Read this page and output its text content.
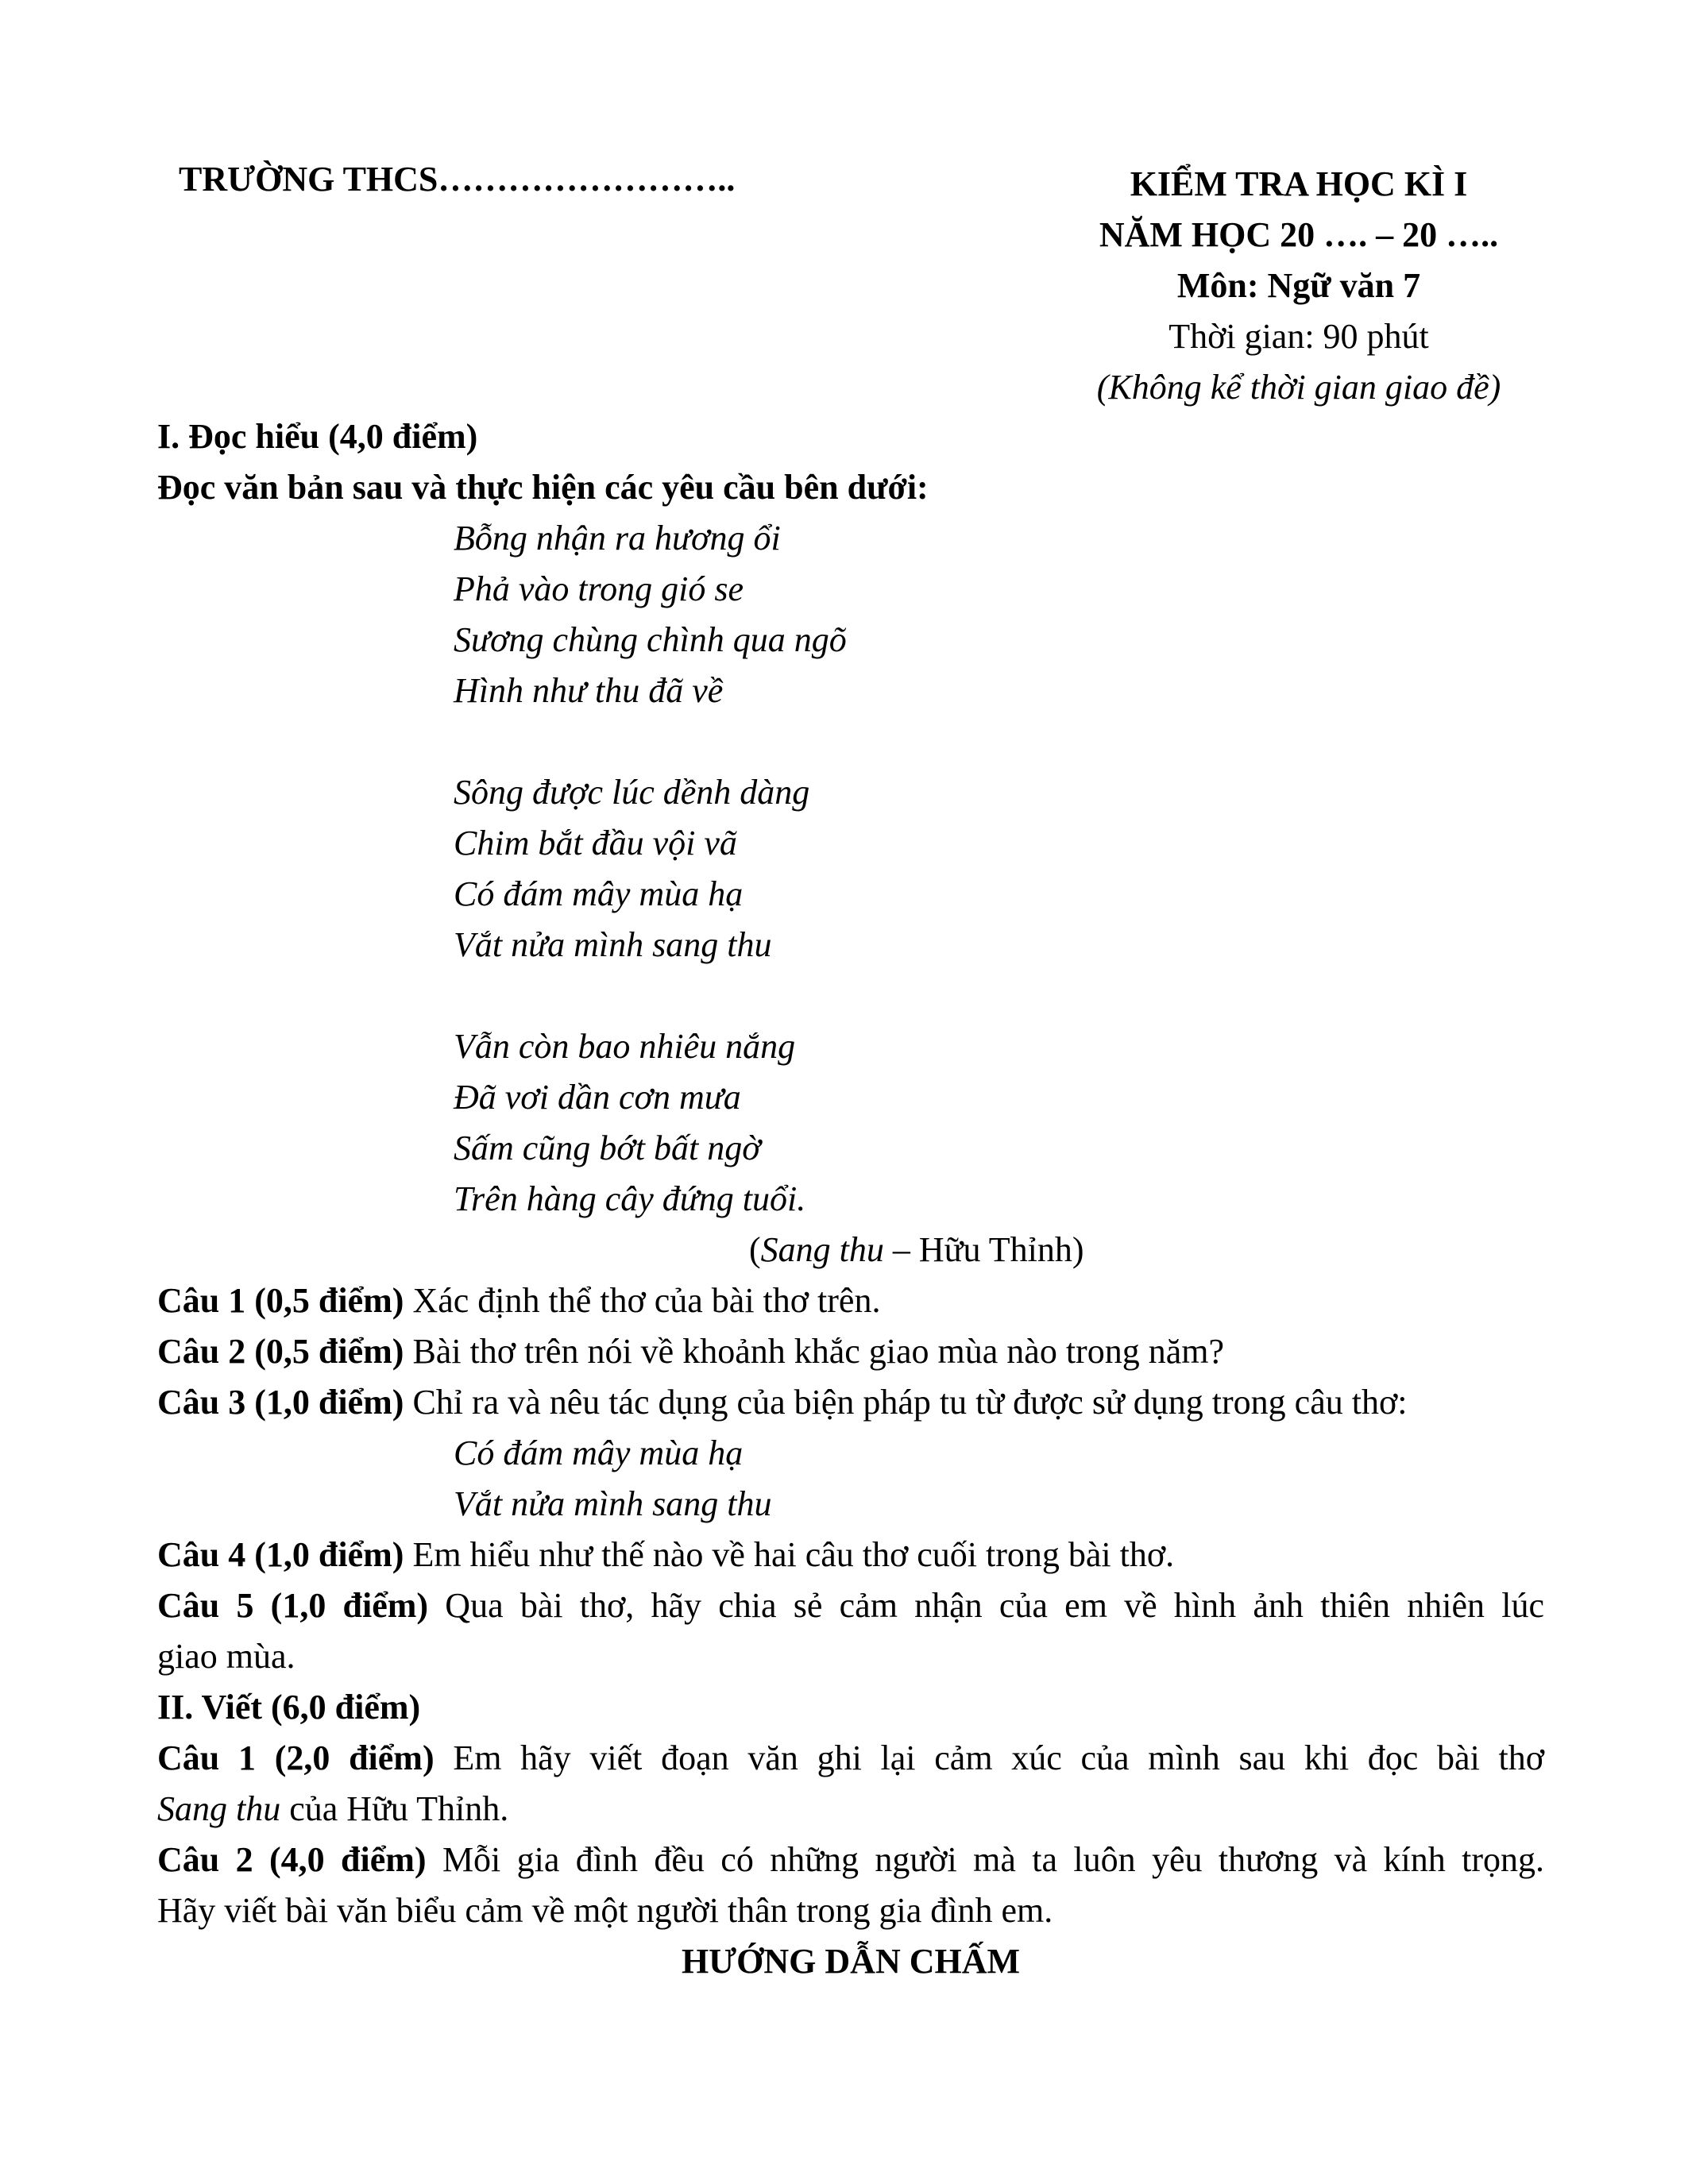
TRƯỜNG THCS……………………..	KIỂM TRA HỌC KÌ I
NĂM HỌC 20 …. – 20 …..
Môn: Ngữ văn 7
Thời gian: 90 phút
(Không kể thời gian giao đề)
I. Đọc hiểu (4,0 điểm)
Đọc văn bản sau và thực hiện các yêu cầu bên dưới:
Bỗng nhận ra hương ổi
Phả vào trong gió se
Sương chùng chình qua ngõ
Hình như thu đã về
Sông được lúc dềnh dàng
Chim bắt đầu vội vã
Có đám mây mùa hạ
Vắt nửa mình sang thu
Vẫn còn bao nhiêu nắng
Đã vơi dần cơn mưa
Sấm cũng bớt bất ngờ
Trên hàng cây đứng tuổi.
(Sang thu – Hữu Thỉnh)
Câu 1 (0,5 điểm) Xác định thể thơ của bài thơ trên.
Câu 2 (0,5 điểm) Bài thơ trên nói về khoảnh khắc giao mùa nào trong năm?
Câu 3 (1,0 điểm) Chỉ ra và nêu tác dụng của biện pháp tu từ được sử dụng trong câu thơ:
Có đám mây mùa hạ
Vắt nửa mình sang thu
Câu 4 (1,0 điểm) Em hiểu như thế nào về hai câu thơ cuối trong bài thơ.
Câu 5 (1,0 điểm) Qua bài thơ, hãy chia sẻ cảm nhận của em về hình ảnh thiên nhiên lúc
giao mùa.
II. Viết (6,0 điểm)
Câu 1 (2,0 điểm) Em hãy viết đoạn văn ghi lại cảm xúc của mình sau khi đọc bài thơ
Sang thu của Hữu Thỉnh.
Câu 2 (4,0 điểm) Mỗi gia đình đều có những người mà ta luôn yêu thương và kính trọng.
Hãy viết bài văn biểu cảm về một người thân trong gia đình em.
HƯỚNG DẪN CHẤM
